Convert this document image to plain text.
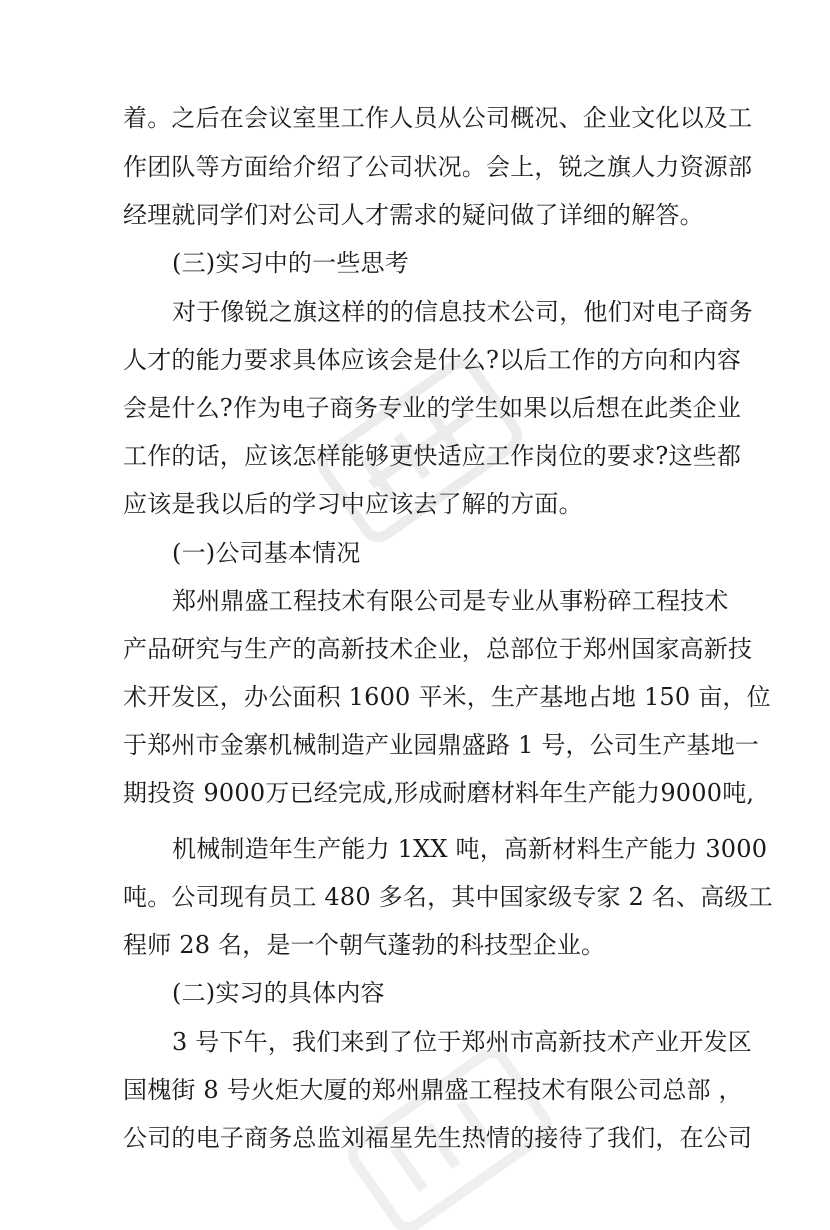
着。之后在会议室里工作人员从公司概况、企业文化以及工
作团队等方面给介绍了公司状况。会上，锐之旗人力资源部
经理就同学们对公司人才需求的疑问做了详细的解答。
(三)实习中的一些思考
对于像锐之旗这样的的信息技术公司，他们对电子商务
人才的能力要求具体应该会是什么?以后工作的方向和内容
会是什么?作为电子商务专业的学生如果以后想在此类企业
工作的话，应该怎样能够更快适应工作岗位的要求?这些都
应该是我以后的学习中应该去了解的方面。
(一)公司基本情况
郑州鼎盛工程技术有限公司是专业从事粉碎工程技术
产品研究与生产的高新技术企业，总部位于郑州国家高新技
术开发区，办公面积 1600 平米，生产基地占地 150 亩，位
于郑州市金寨机械制造产业园鼎盛路 1 号，公司生产基地一
期投资 9000万已经完成,形成耐磨材料年生产能力9000吨,
机械制造年生产能力 1XX 吨，高新材料生产能力 3000
吨。公司现有员工 480 多名，其中国家级专家 2 名、高级工
程师 28 名，是一个朝气蓬勃的科技型企业。
(二)实习的具体内容
3 号下午，我们来到了位于郑州市高新技术产业开发区
国槐街 8 号火炬大厦的郑州鼎盛工程技术有限公司总部 ，
公司的电子商务总监刘福星先生热情的接待了我们，在公司
